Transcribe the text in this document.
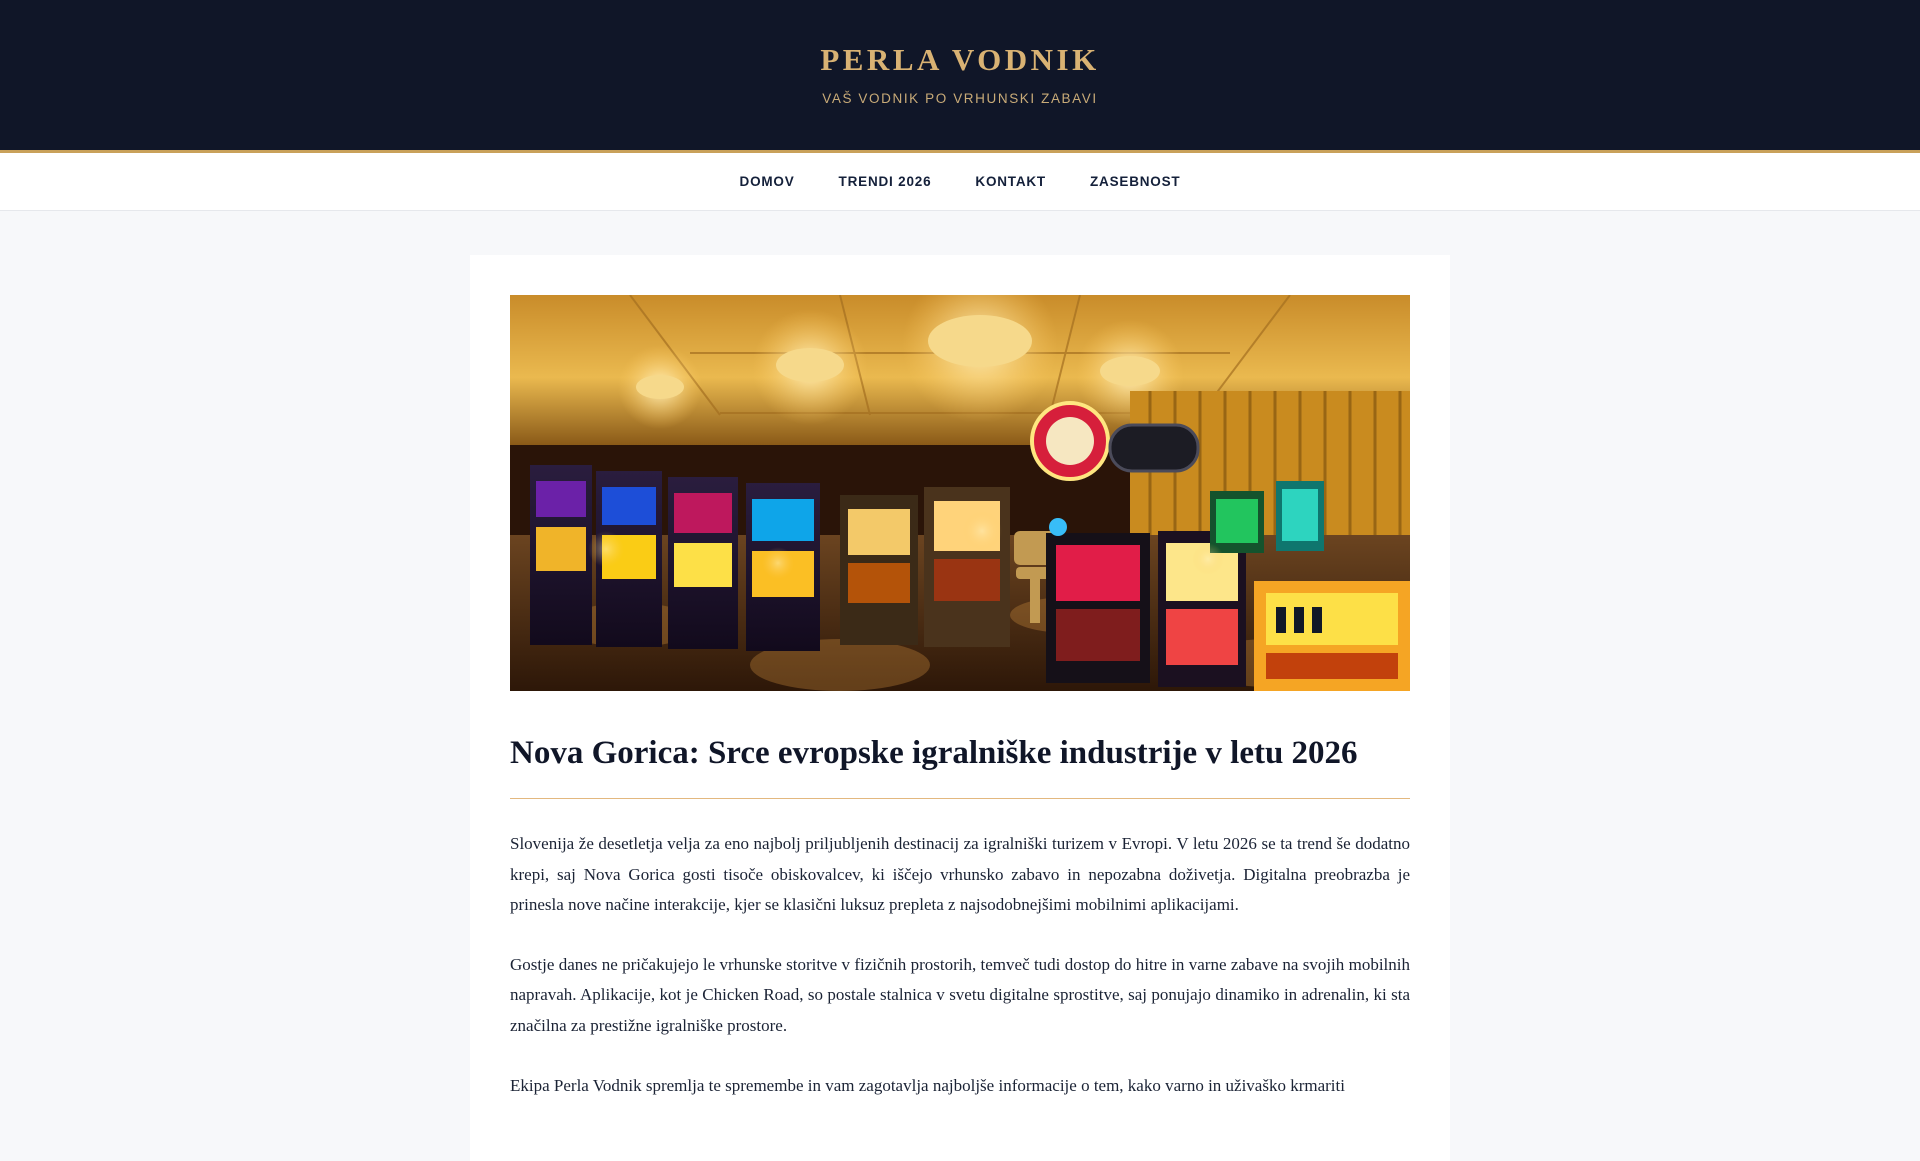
PERLA VODNIK

VAŠ VODNIK PO VRHUNSKI ZABAVI

DOMOV	TRENDI 2026	KONTAKT	ZASEBNOST
Nova Gorica: Srce evropske igralniške industrije v letu 2026

Slovenija že desetletja velja za eno najbolj priljubljenih destinacij za igralniški turizem v Evropi. V letu 2026 se ta trend še dodatno krepi, saj Nova Gorica gosti tisoče obiskovalcev, ki iščejo vrhunsko zabavo in nepozabna doživetja. Digitalna preobrazba je prinesla nove načine interakcije, kjer se klasični luksuz prepleta z najsodobnejšimi mobilnimi aplikacijami.

Gostje danes ne pričakujejo le vrhunske storitve v fizičnih prostorih, temveč tudi dostop do hitre in varne zabave na svojih mobilnih napravah. Aplikacije, kot je Chicken Road, so postale stalnica v svetu digitalne sprostitve, saj ponujajo dinamiko in adrenalin, ki sta značilna za prestižne igralniške prostore.

Ekipa Perla Vodnik spremlja te spremembe in vam zagotavlja najboljše informacije o tem, kako varno in uživaško krmariti
